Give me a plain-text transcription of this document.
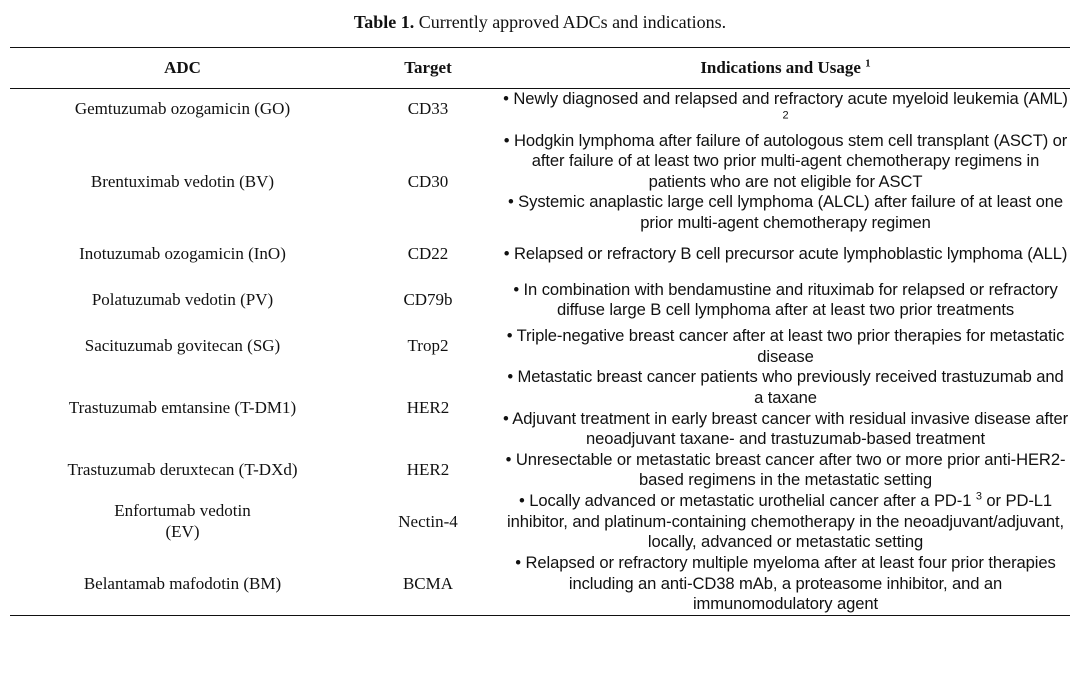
Table 1. Currently approved ADCs and indications.
ADC	Target	Indications and Usage $^1$
Gemtuzumab ozogamicin (GO)	CD33	• Newly diagnosed and relapsed and refractory acute myeloid leukemia (AML) $^2$

Brentuximab vedotin (BV)	CD30	• Hodgkin lymphoma after failure of autologous stem cell transplant (ASCT) or after failure of at least two prior multi-agent chemotherapy regimens in patients who are not eligible for ASCT
• Systemic anaplastic large cell lymphoma (ALCL) after failure of at least one prior multi-agent chemotherapy regimen

Inotuzumab ozogamicin (InO)	CD22	• Relapsed or refractory B cell precursor acute lymphoblastic lymphoma (ALL)

Polatuzumab vedotin (PV)	CD79b	• In combination with bendamustine and rituximab for relapsed or refractory diffuse large B cell lymphoma after at least two prior treatments

Sacituzumab govitecan (SG)	Trop2	• Triple-negative breast cancer after at least two prior therapies for metastatic disease

Trastuzumab emtansine (T-DM1)	HER2	• Metastatic breast cancer patients who previously received trastuzumab and a taxane
• Adjuvant treatment in early breast cancer with residual invasive disease after neoadjuvant taxane- and trastuzumab-based treatment

Trastuzumab deruxtecan (T-DXd)	HER2	• Unresectable or metastatic breast cancer after two or more prior anti-HER2-based regimens in the metastatic setting

Enfortumab vedotin (EV)	Nectin-4	• Locally advanced or metastatic urothelial cancer after a PD-1 $^3$ or PD-L1 inhibitor, and platinum-containing chemotherapy in the neoadjuvant/adjuvant, locally, advanced or metastatic setting

Belantamab mafodotin (BM)	BCMA	• Relapsed or refractory multiple myeloma after at least four prior therapies including an anti-CD38 mAb, a proteasome inhibitor, and an immunomodulatory agent
